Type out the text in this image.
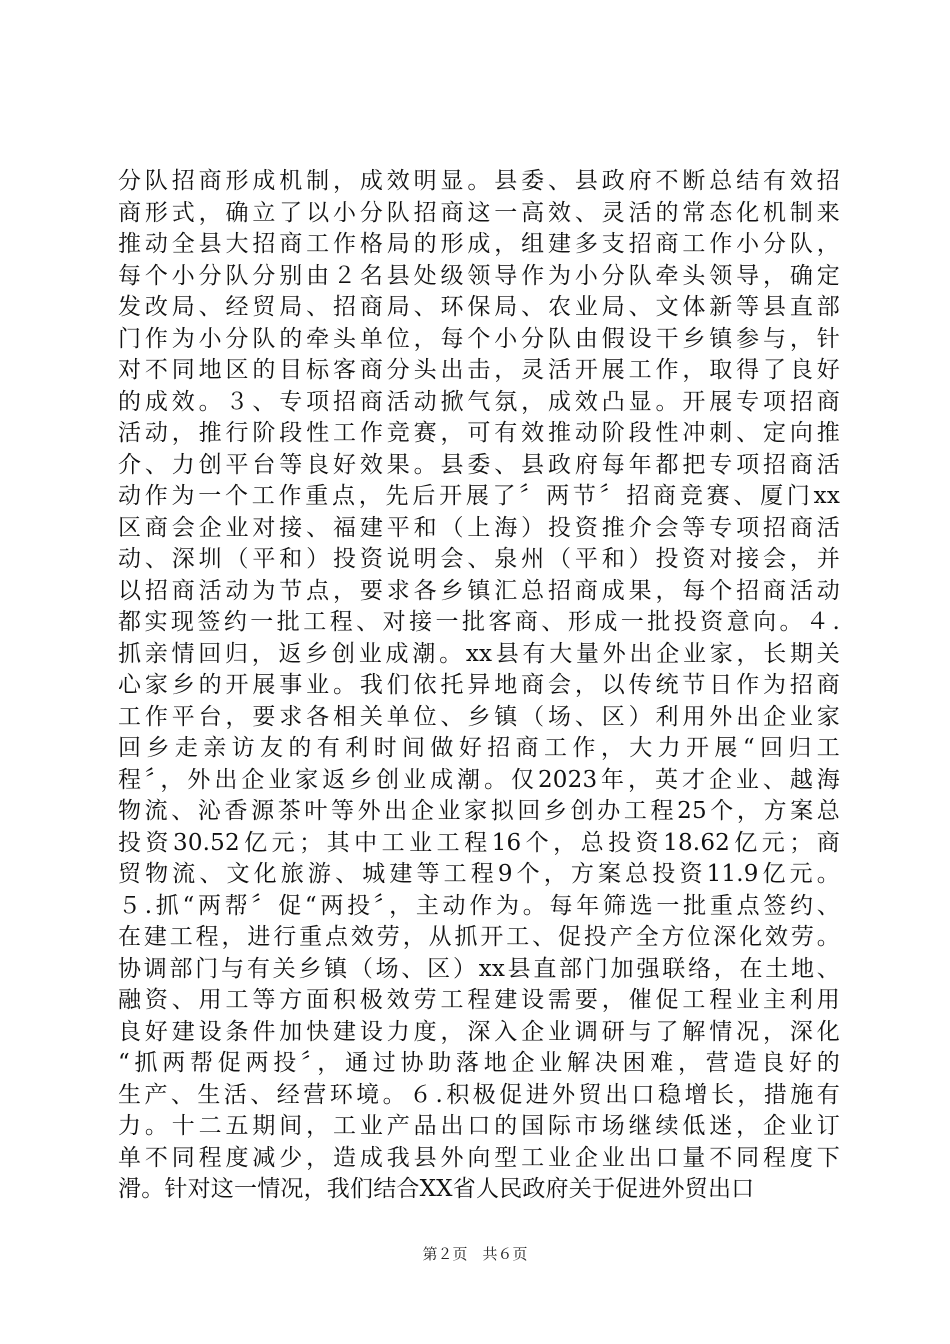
分队招商形成机制，成效明显。县委、县政府不断总结有效招
商形式，确立了以小分队招商这一高效、灵活的常态化机制来
推动全县大招商工作格局的形成，组建多支招商工作小分队，
每个小分队分别由２名县处级领导作为小分队牵头领导，确定
发改局、经贸局、招商局、环保局、农业局、文体新等县直部
门作为小分队的牵头单位，每个小分队由假设干乡镇参与，针
对不同地区的目标客商分头出击，灵活开展工作，取得了良好
的成效。３、专项招商活动掀气氛，成效凸显。开展专项招商
活动，推行阶段性工作竞赛，可有效推动阶段性冲刺、定向推
介、力创平台等良好效果。县委、县政府每年都把专项招商活
动作为一个工作重点，先后开展了〞两节〞招商竞赛、厦门xx
区商会企业对接、福建平和（上海）投资推介会等专项招商活
动、深圳（平和）投资说明会、泉州（平和）投资对接会，并
以招商活动为节点，要求各乡镇汇总招商成果，每个招商活动
都实现签约一批工程、对接一批客商、形成一批投资意向。４.
抓亲情回归，返乡创业成潮。xx县有大量外出企业家，长期关
心家乡的开展事业。我们依托异地商会，以传统节日作为招商
工作平台，要求各相关单位、乡镇（场、区）利用外出企业家
回乡走亲访友的有利时间做好招商工作，大力开展“回归工
程〞，外出企业家返乡创业成潮。仅2023年，英才企业、越海
物流、沁香源茶叶等外出企业家拟回乡创办工程25个，方案总
投资30.52亿元；其中工业工程16个，总投资18.62亿元；商
贸物流、文化旅游、城建等工程9个，方案总投资11.9亿元。
５.抓“两帮〞促“两投〞，主动作为。每年筛选一批重点签约、
在建工程，进行重点效劳，从抓开工、促投产全方位深化效劳。
协调部门与有关乡镇（场、区）xx县直部门加强联络，在土地、
融资、用工等方面积极效劳工程建设需要，催促工程业主利用
良好建设条件加快建设力度，深入企业调研与了解情况，深化
“抓两帮促两投〞，通过协助落地企业解决困难，营造良好的
生产、生活、经营环境。６.积极促进外贸出口稳增长，措施有
力。十二五期间，工业产品出口的国际市场继续低迷，企业订
单不同程度减少，造成我县外向型工业企业出口量不同程度下
滑。针对这一情况，我们结合XX省人民政府关于促进外贸出口
第２页　共６页
